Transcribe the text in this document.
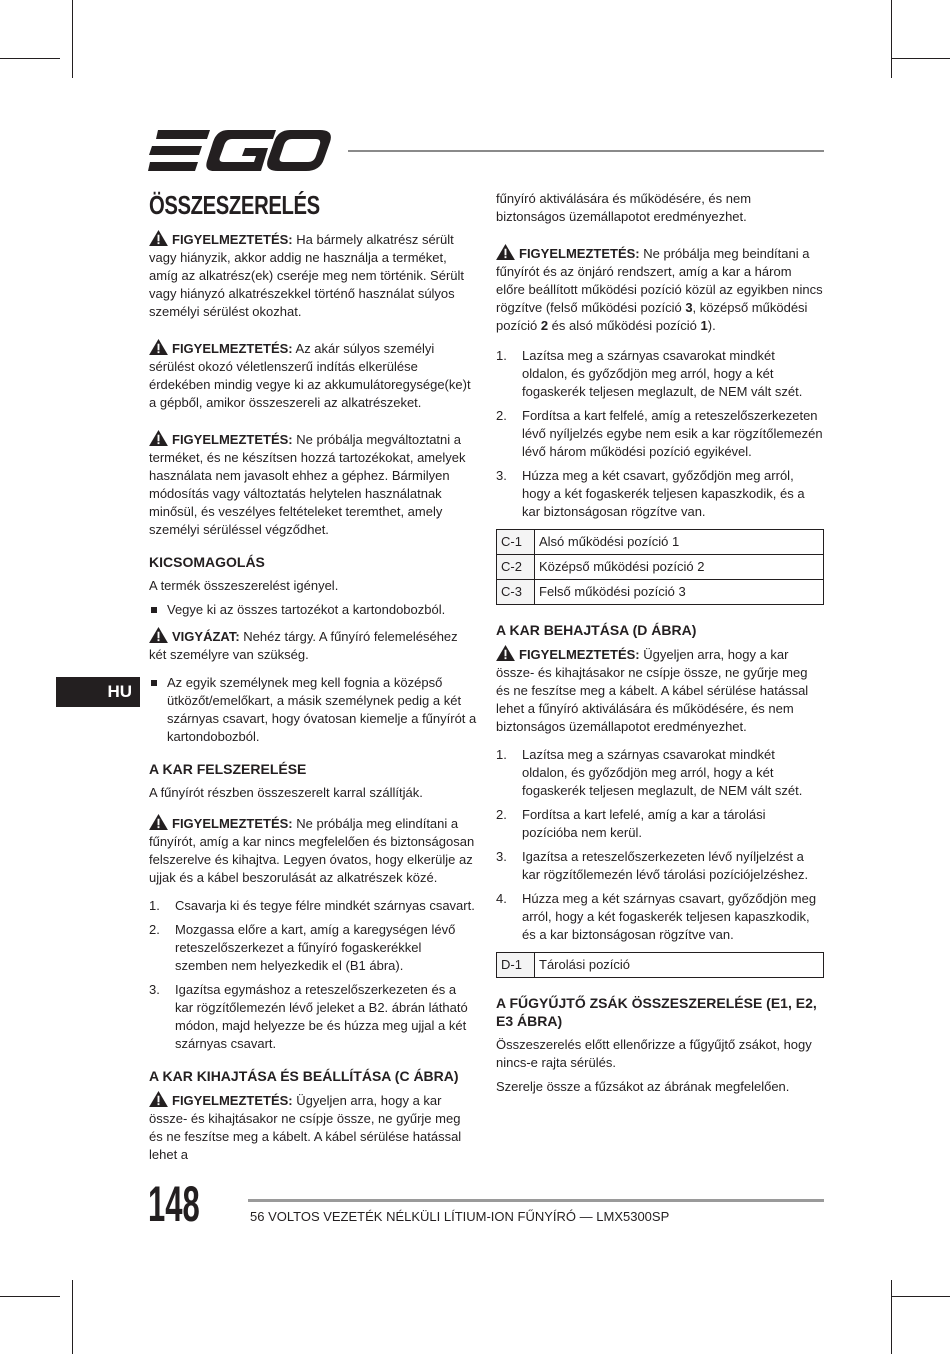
HU
ÖSSZESZERELÉS

FIGYELMEZTETÉS: Ha bármely alkatrész sérült vagy hiányzik, akkor addig ne használja a terméket, amíg az alkatrész(ek) cseréje meg nem történik. Sérült vagy hiányzó alkatrészekkel történő használat súlyos személyi sérülést okozhat.

FIGYELMEZTETÉS: Az akár súlyos személyi sérülést okozó véletlenszerű indítás elkerülése érdekében mindig vegye ki az akkumulátoregysége(ke)t a gépből, amikor összeszereli az alkatrészeket.

FIGYELMEZTETÉS: Ne próbálja megváltoztatni a terméket, és ne készítsen hozzá tartozékokat, amelyek használata nem javasolt ehhez a géphez. Bármilyen módosítás vagy változtatás helytelen használatnak minősül, és veszélyes feltételeket teremthet, amely személyi sérüléssel végződhet.

KICSOMAGOLÁS

A termék összeszerelést igényel.

Vegye ki az összes tartozékot a kartondobozból.

VIGYÁZAT: Nehéz tárgy. A fűnyíró felemeléséhez két személyre van szükség.

Az egyik személynek meg kell fognia a középső ütközőt/emelőkart, a másik személynek pedig a két szárnyas csavart, hogy óvatosan kiemelje a fűnyírót a kartondobozból.
A KAR FELSZERELÉSE

A fűnyírót részben összeszerelt karral szállítják.

FIGYELMEZTETÉS: Ne próbálja meg elindítani a fűnyírót, amíg a kar nincs megfelelően és biztonságosan felszerelve és kihajtva. Legyen óvatos, hogy elkerülje az ujjak és a kábel beszorulását az alkatrészek közé.

1. Csavarja ki és tegye félre mindkét szárnyas csavart.
2. Mozgassa előre a kart, amíg a karegységen lévő reteszelőszerkezet a fűnyíró fogaskerékkel szemben nem helyezkedik el (B1 ábra).
3. Igazítsa egymáshoz a reteszelőszerkezeten és a kar rögzítőlemezén lévő jeleket a B2. ábrán látható módon, majd helyezze be és húzza meg ujjal a két szárnyas csavart.
A KAR KIHAJTÁSA ÉS BEÁLLÍTÁSA (C ÁBRA)

FIGYELMEZTETÉS: Ügyeljen arra, hogy a kar össze- és kihajtásakor ne csípje össze, ne gyűrje meg és ne feszítse meg a kábelt. A kábel sérülése hatással lehet a

fűnyíró aktiválására és működésére, és nem biztonságos üzemállapotot eredményezhet.

FIGYELMEZTETÉS: Ne próbálja meg beindítani a fűnyírót és az önjáró rendszert, amíg a kar a három előre beállított működési pozíció közül az egyikben nincs rögzítve (felső működési pozíció 3, középső működési pozíció 2 és alsó működési pozíció 1).

1. Lazítsa meg a szárnyas csavarokat mindkét oldalon, és győződjön meg arról, hogy a két fogaskerék teljesen meglazult, de NEM vált szét.
2. Fordítsa a kart felfelé, amíg a reteszelőszerkezeten lévő nyíljelzés egybe nem esik a kar rögzítőlemezén lévő három működési pozíció egyikével.
3. Húzza meg a két csavart, győződjön meg arról, hogy a két fogaskerék teljesen kapaszkodik, és a kar biztonságosan rögzítve van.
C-1	Alsó működési pozíció 1
C-2	Középső működési pozíció 2
C-3	Felső működési pozíció 3
A KAR BEHAJTÁSA (D ÁBRA)

FIGYELMEZTETÉS: Ügyeljen arra, hogy a kar össze- és kihajtásakor ne csípje össze, ne gyűrje meg és ne feszítse meg a kábelt. A kábel sérülése hatással lehet a fűnyíró aktiválására és működésére, és nem biztonságos üzemállapotot eredményezhet.

1. Lazítsa meg a szárnyas csavarokat mindkét oldalon, és győződjön meg arról, hogy a két fogaskerék teljesen meglazult, de NEM vált szét.
2. Fordítsa a kart lefelé, amíg a kar a tárolási pozícióba nem kerül.
3. Igazítsa a reteszelőszerkezeten lévő nyíljelzést a kar rögzítőlemezén lévő tárolási pozíciójelzéshez.
4. Húzza meg a két szárnyas csavart, győződjön meg arról, hogy a két fogaskerék teljesen kapaszkodik, és a kar biztonságosan rögzítve van.
D-1	Tárolási pozíció
A FŰGYŰJTŐ ZSÁK ÖSSZESZERELÉSE (E1, E2, E3 ÁBRA)

Összeszerelés előtt ellenőrizze a fűgyűjtő zsákot, hogy nincs-e rajta sérülés.

Szerelje össze a fűzsákot az ábrának megfelelően.

148	56 VOLTOS VEZETÉK NÉLKÜLI LÍTIUM-ION FŰNYÍRÓ — LMX5300SP
